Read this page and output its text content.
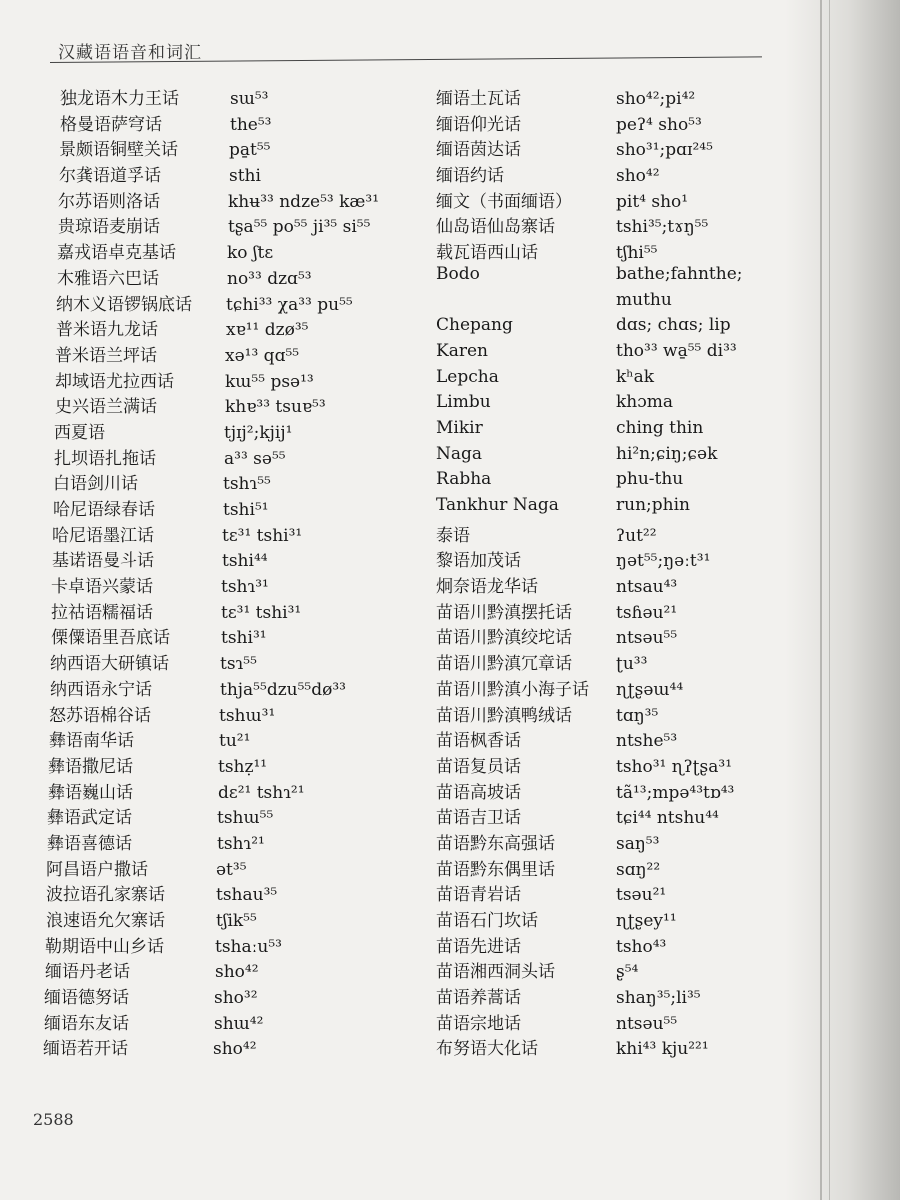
汉藏语语音和词汇
独龙语木力王话	sɯ⁵³
格曼语萨穹话	the⁵³
景颇语铜壁关话	pa̱t⁵⁵
尔龚语道孚话	sthi
尔苏语则洛话	khʉ³³ ndze⁵³ kæ³¹
贵琼语麦崩话	tʂa⁵⁵ po⁵⁵ ji³⁵ si⁵⁵
嘉戎语卓克基话	ko ʃtɛ
木雅语六巴话	no³³ dzɑ⁵³
纳木义语锣锅底话	tɕhi³³ χa³³ pu⁵⁵
普米语九龙话	xɐ¹¹ dzø³⁵
普米语兰坪话	xə¹³ qɑ⁵⁵
却域语尤拉西话	kɯ⁵⁵ psə¹³
史兴语兰满话	khɐ³³ tsuɐ⁵³
西夏语	tjɪj²;kjij¹
扎坝语扎拖话	a³³ sə⁵⁵
白语剑川话	tshɿ⁵⁵
哈尼语绿春话	tshi⁵¹
哈尼语墨江话	tɛ³¹ tshi³¹
基诺语曼斗话	tshi⁴⁴
卡卓语兴蒙话	tshɿ³¹
拉祜语糯福话	tɛ³¹ tshi³¹
傈僳语里吾底话	tshi³¹
纳西语大研镇话	tsɿ⁵⁵
纳西语永宁话	thja⁵⁵dzu⁵⁵dø³³
怒苏语棉谷话	tshɯ³¹
彝语南华话	tu²¹
彝语撒尼话	tshẓ¹¹
彝语巍山话	dɛ²¹ tshɿ²¹
彝语武定话	tshɯ⁵⁵
彝语喜德话	tshɿ²¹
阿昌语户撒话	ət³⁵
波拉语孔家寨话	tshau³⁵
浪速语允欠寨话	tʃik⁵⁵
勒期语中山乡话	tshaːu⁵³
缅语丹老话	sho⁴²
缅语德努话	sho³²
缅语东友话	shɯ⁴²
缅语若开话	sho⁴²
缅语土瓦话	sho⁴²;pi⁴²
缅语仰光话	peʔ⁴ sho⁵³
缅语茵达话	sho³¹;pɑɪ²⁴⁵
缅语约话	sho⁴²
缅文（书面缅语）	pit⁴ sho¹
仙岛语仙岛寨话	tshi³⁵;tɤŋ⁵⁵
载瓦语西山话	tʃhi⁵⁵
Bodo	bathe;fahnthe;
muthu
Chepang	dɑs; chɑs; lip
Karen	tho³³ wa̱⁵⁵ di³³
Lepcha	kʰak
Limbu	khɔma
Mikir	ching thin
Naga	hi²n;ɕiŋ;ɕək
Rabha	phu-thu
Tankhur Naga	run;phin
泰语	ʔut²²
黎语加茂话	ŋət⁵⁵;ŋəːt³¹
炯奈语龙华话	ntsau⁴³
苗语川黔滇摆托话	tsɦəu²¹
苗语川黔滇绞坨话	ntsəu⁵⁵
苗语川黔滇冗章话	ʈu³³
苗语川黔滇小海子话	ɳʈʂəɯ⁴⁴
苗语川黔滇鸭绒话	tɑŋ³⁵
苗语枫香话	ntshe⁵³
苗语复员话	tsho³¹ ɳʔʈʂa³¹
苗语高坡话	tã¹³;mpə⁴³tɒ⁴³
苗语吉卫话	tɕi⁴⁴ ntshu⁴⁴
苗语黔东高强话	saŋ⁵³
苗语黔东偶里话	sɑŋ²²
苗语青岩话	tsəu²¹
苗语石门坎话	ɳʈʂey¹¹
苗语先进话	tsho⁴³
苗语湘西洞头话	ʂ⁵⁴
苗语养蒿话	shaŋ³⁵;li³⁵
苗语宗地话	ntsəu⁵⁵
布努语大化话	khi⁴³ kju²²¹
2588
